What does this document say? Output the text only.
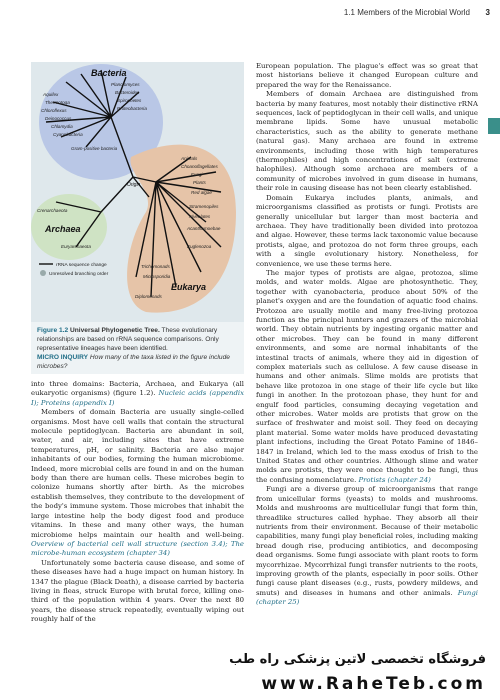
1.1 Members of the Microbial World 3
Bacteria
Archaea
Eukarya
Origin
Aquifex
Thermotoga
Chloroflexus
Deinococcus
Chlamydia
Cyanobacteria
Planctomyces
Bacteroides
Spirochetes
Proteobacteria
Gram-positive bacteria
Crenarchaeota
Euryarchaeota
Animals
Choanoflagellates
Fungi
Plants
Red algae
Stramenopiles
Alveolates
Acanthamoebae
Euglenozoa
Trichomonads
Microsporidia
Diplomonads
rRNA sequence change
Unresolved branching order
Figure 1.2 Universal Phylogenetic Tree. These evolutionary relationships are based on rRNA sequence comparisons. Only representative lineages have been identified.
MICRO INQUIRY How many of the taxa listed in the figure include microbes?

into three domains: Bacteria, Archaea, and Eukarya (all eukaryotic organisms) (figure 1.2). Nucleic acids (appendix I); Proteins (appendix I)

Members of domain Bacteria are usually single-celled organisms. Most have cell walls that contain the structural molecule peptidoglycan. Bacteria are abundant in soil, water, and air, including sites that have extreme temperatures, pH, or salinity. Bacteria are also major inhabitants of our bodies, forming the human microbiome. Indeed, more microbial cells are found in and on the human body than there are human cells. These microbes begin to colonize humans shortly after birth. As the microbes establish themselves, they contribute to the development of the body's immune system. Those microbes that inhabit the large intestine help the body digest food and produce vitamins. In these and many other ways, the human microbiome helps maintain our health and well-being. Overview of bacterial cell wall structure (section 3.4); The microbe-human ecosystem (chapter 34)

Unfortunately some bacteria cause disease, and some of these diseases have had a huge impact on human history. In 1347 the plague (Black Death), a disease carried by bacteria living in fleas, struck Europe with brutal force, killing one-third of the population within 4 years. Over the next 80 years, the disease struck repeatedly, eventually wiping out roughly half of the

European population. The plague's effect was so great that most historians believe it changed European culture and prepared the way for the Renaissance.

Members of domain Archaea are distinguished from bacteria by many features, most notably their distinctive rRNA sequences, lack of peptidoglycan in their cell walls, and unique membrane lipids. Some have unusual metabolic characteristics, such as the ability to generate methane (natural gas). Many archaea are found in extreme environments, including those with high temperatures (thermophiles) and high concentrations of salt (extreme halophiles). Although some archaea are members of a community of microbes involved in gum disease in humans, their role in causing disease has not been clearly established.

Domain Eukarya includes plants, animals, and microorganisms classified as protists or fungi. Protists are generally unicellular but larger than most bacteria and archaea. They have traditionally been divided into protozoa and algae. However, these terms lack taxonomic value because protists, algae, and protozoa do not form three groups, each with a single evolutionary history. Nonetheless, for convenience, we use these terms here.

The major types of protists are algae, protozoa, slime molds, and water molds. Algae are photosynthetic. They, together with cyanobacteria, produce about 50% of the planet's oxygen and are the foundation of aquatic food chains. Protozoa are usually motile and many free-living protozoa function as the principal hunters and grazers of the microbial world. They obtain nutrients by ingesting organic matter and other microbes. They can be found in many different environments, and some are normal inhabitants of the intestinal tracts of animals, where they aid in digestion of complex materials such as cellulose. A few cause disease in humans and other animals. Slime molds are protists that behave like protozoa in one stage of their life cycle but like fungi in another. In the protozoan phase, they hunt for and engulf food particles, consuming decaying vegetation and other microbes. Water molds are protists that grow on the surface of freshwater and moist soil. They feed on decaying plant material. Some water molds have produced devastating plant infections, including the Great Potato Famine of 1846–1847 in Ireland, which led to the mass exodus of Irish to the United States and other countries. Although slime and water molds are protists, they were once thought to be fungi, thus the confusing nomenclature. Protists (chapter 24)

Fungi are a diverse group of microorganisms that range from unicellular forms (yeasts) to molds and mushrooms. Molds and mushrooms are multicellular fungi that form thin, threadlike structures called hyphae. They absorb all their nutrients from their environment. Because of their metabolic capabilities, many fungi play beneficial roles, including making bread dough rise, producing antibiotics, and decomposing dead organisms. Some fungi associate with plant roots to form mycorrhizae. Mycorrhizal fungi transfer nutrients to the roots, improving growth of the plants, especially in poor soils. Other fungi cause plant diseases (e.g., rusts, powdery mildews, and smuts) and diseases in humans and other animals. Fungi (chapter 25)

فروشگاه تخصصی لاتین پزشکی راه طب
www.RaheTeb.com
